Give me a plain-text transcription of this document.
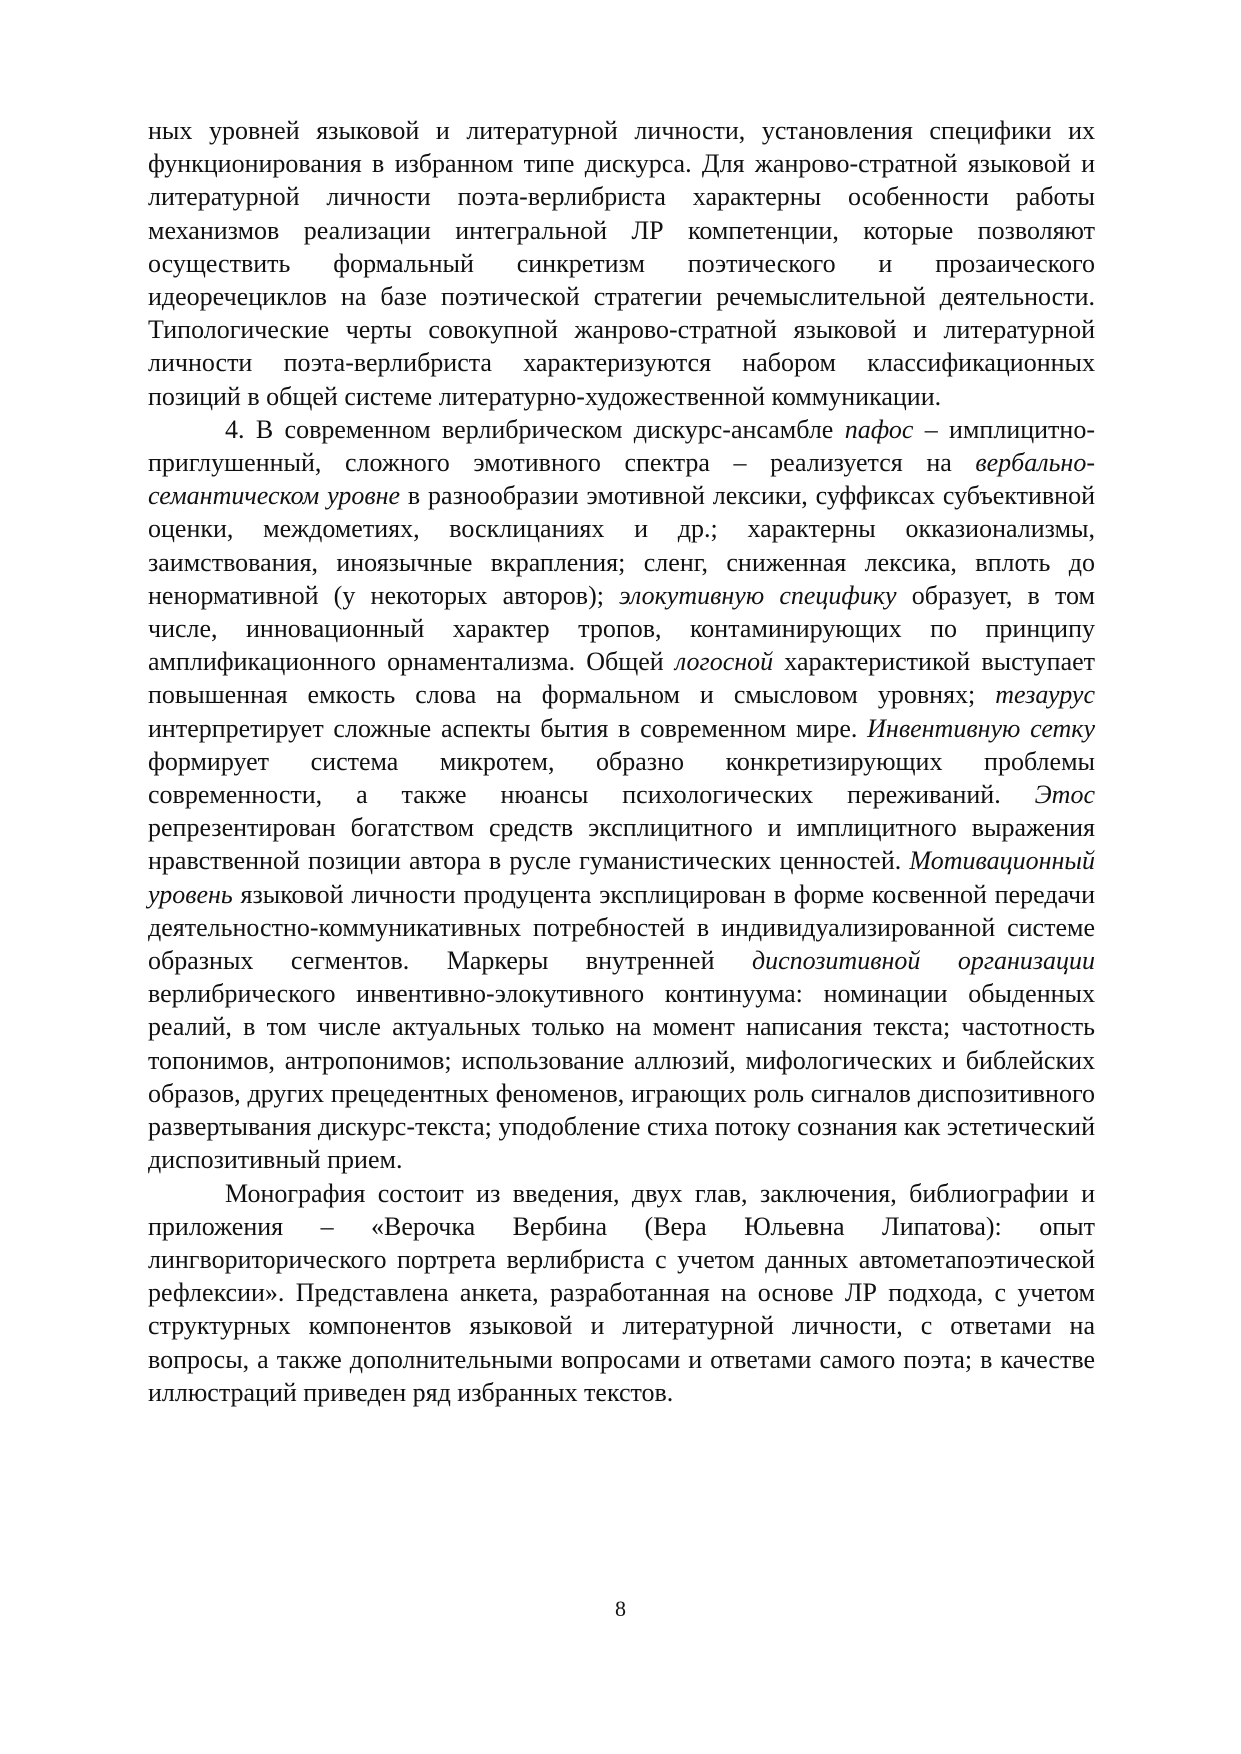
ных уровней языковой и литературной личности, установления специфики их функционирования в избранном типе дискурса. Для жанрово-стратной языковой и литературной личности поэта-верлибриста характерны особенности работы механизмов реализации интегральной ЛР компетенции, которые позволяют осуществить формальный синкретизм поэтического и прозаического идеоречециклов на базе поэтической стратегии речемыслительной деятельности. Типологические черты совокупной жанрово-стратной языковой и литературной личности поэта-верлибриста характеризуются набором классификационных позиций в общей системе литературно-художественной коммуникации.

4. В современном верлибрическом дискурс-ансамбле пафос – имплицитно-приглушенный, сложного эмотивного спектра – реализуется на вербально-семантическом уровне в разнообразии эмотивной лексики, суффиксах субъективной оценки, междометиях, восклицаниях и др.; характерны окказионализмы, заимствования, иноязычные вкрапления; сленг, сниженная лексика, вплоть до ненормативной (у некоторых авторов); элокутивную специфику образует, в том числе, инновационный характер тропов, контаминирующих по принципу амплификационного орнаментализма. Общей логосной характеристикой выступает повышенная емкость слова на формальном и смысловом уровнях; тезаурус интерпретирует сложные аспекты бытия в современном мире. Инвентивную сетку формирует система микротем, образно конкретизирующих проблемы современности, а также нюансы психологических переживаний. Этос репрезентирован богатством средств эксплицитного и имплицитного выражения нравственной позиции автора в русле гуманистических ценностей. Мотивационный уровень языковой личности продуцента эксплицирован в форме косвенной передачи деятельностно-коммуникативных потребностей в индивидуализированной системе образных сегментов. Маркеры внутренней диспозитивной организации верлибрического инвентивно-элокутивного континуума: номинации обыденных реалий, в том числе актуальных только на момент написания текста; частотность топонимов, антропонимов; использование аллюзий, мифологических и библейских образов, других прецедентных феноменов, играющих роль сигналов диспозитивного развертывания дискурс-текста; уподобление стиха потоку сознания как эстетический диспозитивный прием.

Монография состоит из введения, двух глав, заключения, библиографии и приложения – «Верочка Вербина (Вера Юльевна Липатова): опыт лингвориторического портрета верлибриста с учетом данных автометапоэтической рефлексии». Представлена анкета, разработанная на основе ЛР подхода, с учетом структурных компонентов языковой и литературной личности, с ответами на вопросы, а также дополнительными вопросами и ответами самого поэта; в качестве иллюстраций приведен ряд избранных текстов.

8
